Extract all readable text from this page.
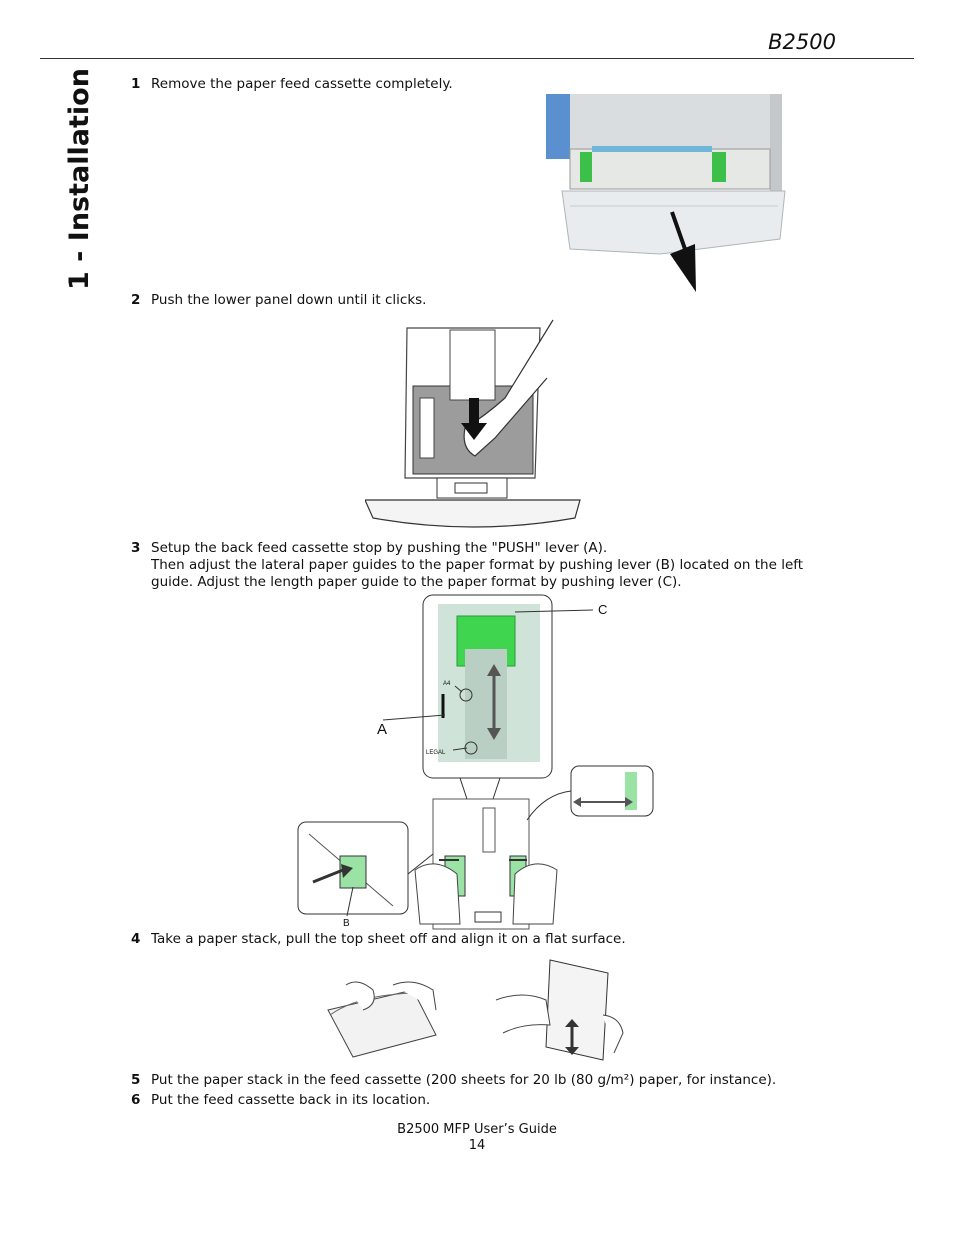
B2500
1 - Installation	1 Remove the paper feed cassette completely.
2 Push the lower panel down until it clicks.
3 Setup the back feed cassette stop by pushing the "PUSH" lever (A).
Then adjust the lateral paper guides to the paper format by pushing lever (B) located on the left
guide. Adjust the length paper guide to the paper format by pushing lever (C).
C
A
B
A4
LEGAL
4 Take a paper stack, pull the top sheet off and align it on a flat surface.
5 Put the paper stack in the feed cassette (200 sheets for 20 lb (80 g/m²) paper, for instance).
6 Put the feed cassette back in its location.
B2500 MFP User’s Guide
14
